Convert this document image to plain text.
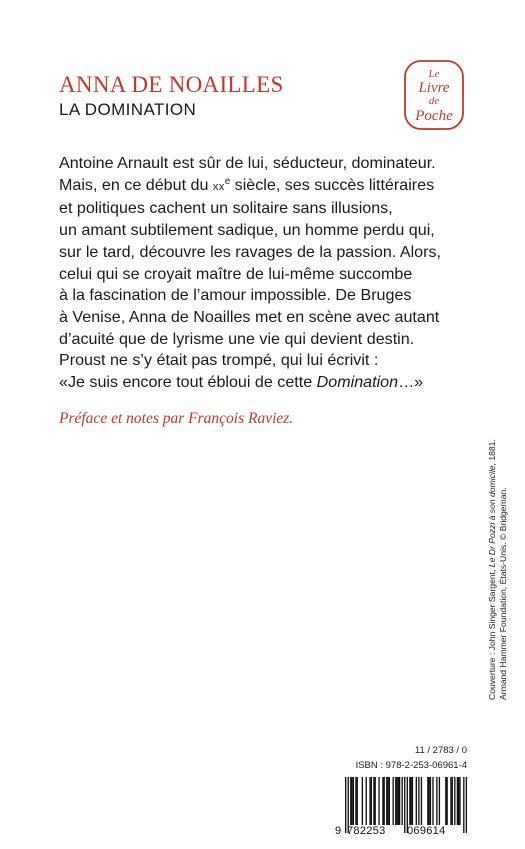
ANNA DE NOAILLES
LA DOMINATION
Le
Livre
de
Poche
Antoine Arnault est sûr de lui, séducteur, dominateur.
Mais, en ce début du $xx^e$ siècle, ses succès littéraires
et politiques cachent un solitaire sans illusions,
un amant subtilement sadique, un homme perdu qui,
sur le tard, découvre les ravages de la passion. Alors,
celui qui se croyait maître de lui-même succombe
à la fascination de l’amour impossible. De Bruges
à Venise, Anna de Noailles met en scène avec autant
d’acuité que de lyrisme une vie qui devient destin.
Proust ne s’y était pas trompé, qui lui écrivit :
«Je suis encore tout ébloui de cette Domination…»
Préface et notes par François Raviez.
Couverture : John Singer Sargent, Le Dr Pozzi à son domicile, 1881.
Armand Hammer Foundation, États-Unis. © Bridgeman.
11 / 2783 / 0
ISBN : 978-2-253-06961-4
9 782253 069614
